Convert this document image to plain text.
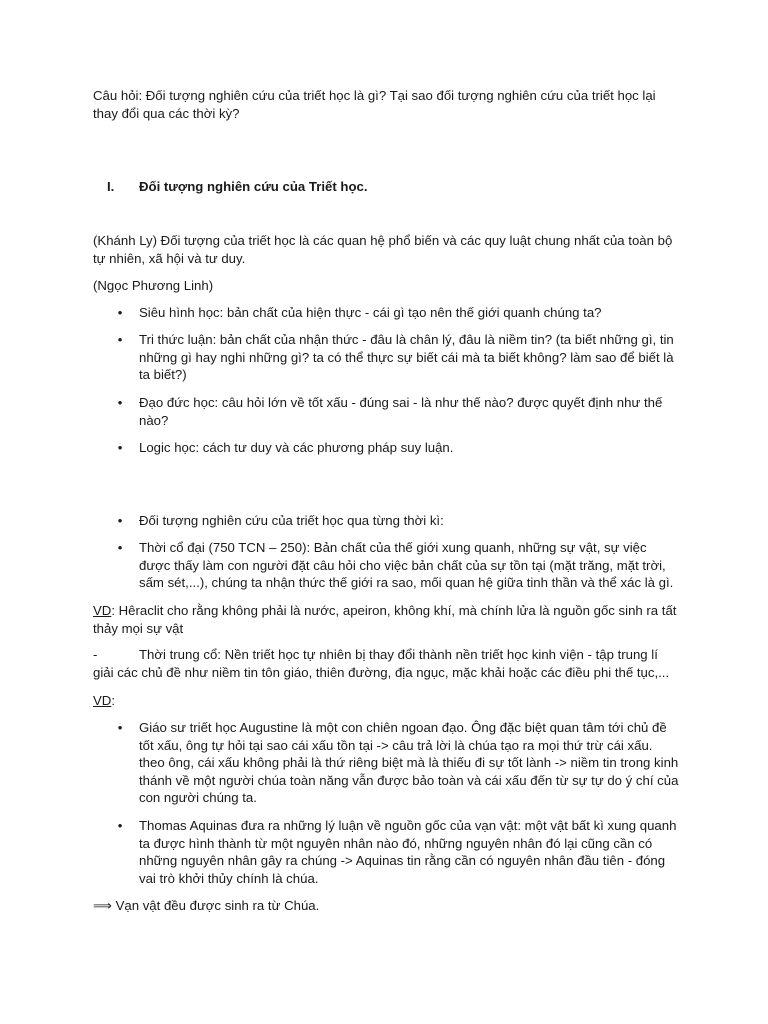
Câu hỏi: Đối tượng nghiên cứu của triết học là gì? Tại sao đối tượng nghiên cứu của triết học lại thay đổi qua các thời kỳ?

I. Đối tượng nghiên cứu của Triết học.

(Khánh Ly) Đối tượng của triết học là các quan hệ phổ biến và các quy luật chung nhất của toàn bộ tự nhiên, xã hội và tư duy.

(Ngọc Phương Linh)

• Siêu hình học: bản chất của hiện thực - cái gì tạo nên thế giới quanh chúng ta?

• Tri thức luận: bản chất của nhận thức - đâu là chân lý, đâu là niềm tin? (ta biết những gì, tin những gì hay nghi những gì? ta có thể thực sự biết cái mà ta biết không? làm sao để biết là ta biết?)

• Đạo đức học: câu hỏi lớn về tốt xấu - đúng sai - là như thế nào? được quyết định như thế nào?

• Logic học: cách tư duy và các phương pháp suy luận.

• Đối tượng nghiên cứu của triết học qua từng thời kì:

• Thời cổ đại (750 TCN – 250): Bản chất của thế giới xung quanh, những sự vật, sự việc được thấy làm con người đặt câu hỏi cho việc bản chất của sự tồn tại (mặt trăng, mặt trời, sấm sét,...), chúng ta nhận thức thế giới ra sao, mối quan hệ giữa tinh thần và thể xác là gì.

VD: Hêraclit cho rằng không phải là nước, apeiron, không khí, mà chính lửa là nguồn gốc sinh ra tất thảy mọi sự vật

-	Thời trung cổ: Nền triết học tự nhiên bị thay đổi thành nền triết học kinh viện - tập trung lí giải các chủ đề như niềm tin tôn giáo, thiên đường, địa ngục, mặc khải hoặc các điều phi thế tục,...

VD:

• Giáo sư triết học Augustine là một con chiên ngoan đạo. Ông đặc biệt quan tâm tới chủ đề tốt xấu, ông tự hỏi tại sao cái xấu tồn tại -> câu trả lời là chúa tạo ra mọi thứ trừ cái xấu. theo ông, cái xấu không phải là thứ riêng biệt mà là thiếu đi sự tốt lành -> niềm tin trong kinh thánh về một người chúa toàn năng vẫn được bảo toàn và cái xấu đến từ sự tự do ý chí của con người chúng ta.

• Thomas Aquinas đưa ra những lý luận về nguồn gốc của vạn vật: một vật bất kì xung quanh ta được hình thành từ một nguyên nhân nào đó, những nguyên nhân đó lại cũng cần có những nguyên nhân gây ra chúng -> Aquinas tin rằng cần có nguyên nhân đầu tiên - đóng vai trò khởi thủy chính là chúa.

⟹ Vạn vật đều được sinh ra từ Chúa.
